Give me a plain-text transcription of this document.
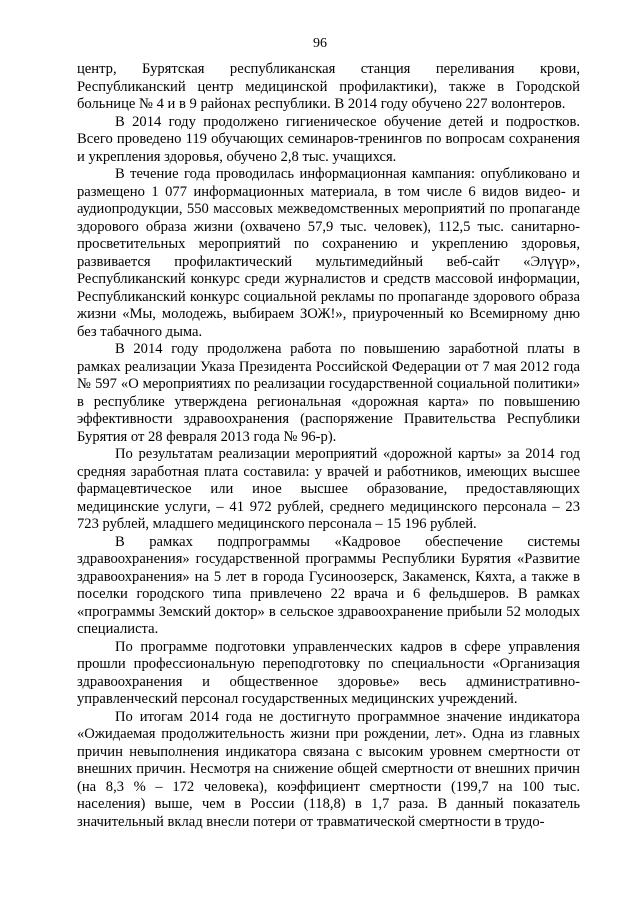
96

центр, Бурятская республиканская станция переливания крови, Республиканский центр медицинской профилактики), также в Городской больнице № 4 и в 9 районах республики. В 2014 году обучено 227 волонтеров.

В 2014 году продолжено гигиеническое обучение детей и подростков. Всего проведено 119 обучающих семинаров-тренингов по вопросам сохранения и укрепления здоровья, обучено 2,8 тыс. учащихся.

В течение года проводилась информационная кампания: опубликовано и размещено 1 077 информационных материала, в том числе 6 видов видео- и аудиопродукции, 550 массовых межведомственных мероприятий по пропаганде здорового образа жизни (охвачено 57,9 тыс. человек), 112,5 тыс. санитарно-просветительных мероприятий по сохранению и укреплению здоровья, развивается профилактический мультимедийный веб-сайт «Элүүр», Республиканский конкурс среди журналистов и средств массовой информации, Республиканский конкурс социальной рекламы по пропаганде здорового образа жизни «Мы, молодежь, выбираем ЗОЖ!», приуроченный ко Всемирному дню без табачного дыма.

В 2014 году продолжена работа по повышению заработной платы в рамках реализации Указа Президента Российской Федерации от 7 мая 2012 года № 597 «О мероприятиях по реализации государственной социальной политики» в республике утверждена региональная «дорожная карта» по повышению эффективности здравоохранения (распоряжение Правительства Республики Бурятия от 28 февраля 2013 года № 96-р).

По результатам реализации мероприятий «дорожной карты» за 2014 год средняя заработная плата составила: у врачей и работников, имеющих высшее фармацевтическое или иное высшее образование, предоставляющих медицинские услуги, – 41 972 рублей, среднего медицинского персонала – 23 723 рублей, младшего медицинского персонала – 15 196 рублей.

В рамках подпрограммы «Кадровое обеспечение системы здравоохранения» государственной программы Республики Бурятия «Развитие здравоохранения» на 5 лет в города Гусиноозерск, Закаменск, Кяхта, а также в поселки городского типа привлечено 22 врача и 6 фельдшеров. В рамках «программы Земский доктор» в сельское здравоохранение прибыли 52 молодых специалиста.

По программе подготовки управленческих кадров в сфере управления прошли профессиональную переподготовку по специальности «Организация здравоохранения и общественное здоровье» весь административно-управленческий персонал государственных медицинских учреждений.

По итогам 2014 года не достигнуто программное значение индикатора «Ожидаемая продолжительность жизни при рождении, лет». Одна из главных причин невыполнения индикатора связана с высоким уровнем смертности от внешних причин. Несмотря на снижение общей смертности от внешних причин (на 8,3 % – 172 человека), коэффициент смертности (199,7 на 100 тыс. населения) выше, чем в России (118,8) в 1,7 раза. В данный показатель значительный вклад внесли потери от травматической смертности в трудо-
